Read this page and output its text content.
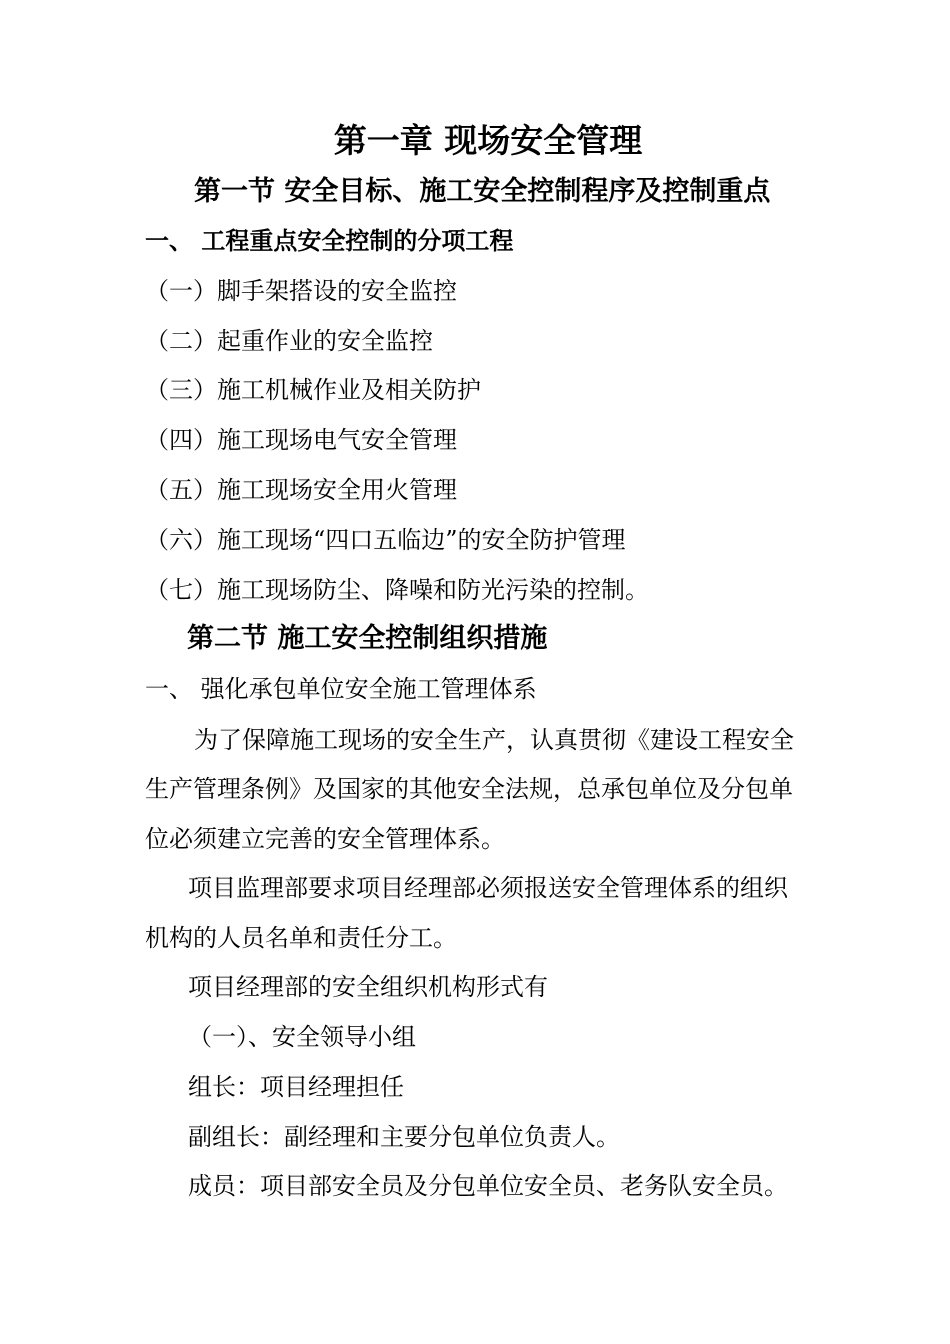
第一章 现场安全管理
第一节 安全目标、施工安全控制程序及控制重点
一、 工程重点安全控制的分项工程
（一）脚手架搭设的安全监控
（二）起重作业的安全监控
（三）施工机械作业及相关防护
（四）施工现场电气安全管理
（五）施工现场安全用火管理
（六）施工现场“四口五临边”的安全防护管理
（七）施工现场防尘、降噪和防光污染的控制。
第二节 施工安全控制组织措施
一、 强化承包单位安全施工管理体系
为了保障施工现场的安全生产，认真贯彻《建设工程安全
生产管理条例》及国家的其他安全法规，总承包单位及分包单
位必须建立完善的安全管理体系。
项目监理部要求项目经理部必须报送安全管理体系的组织
机构的人员名单和责任分工。
项目经理部的安全组织机构形式有
（一）、安全领导小组
组长：项目经理担任
副组长：副经理和主要分包单位负责人。
成员：项目部安全员及分包单位安全员、老务队安全员。
